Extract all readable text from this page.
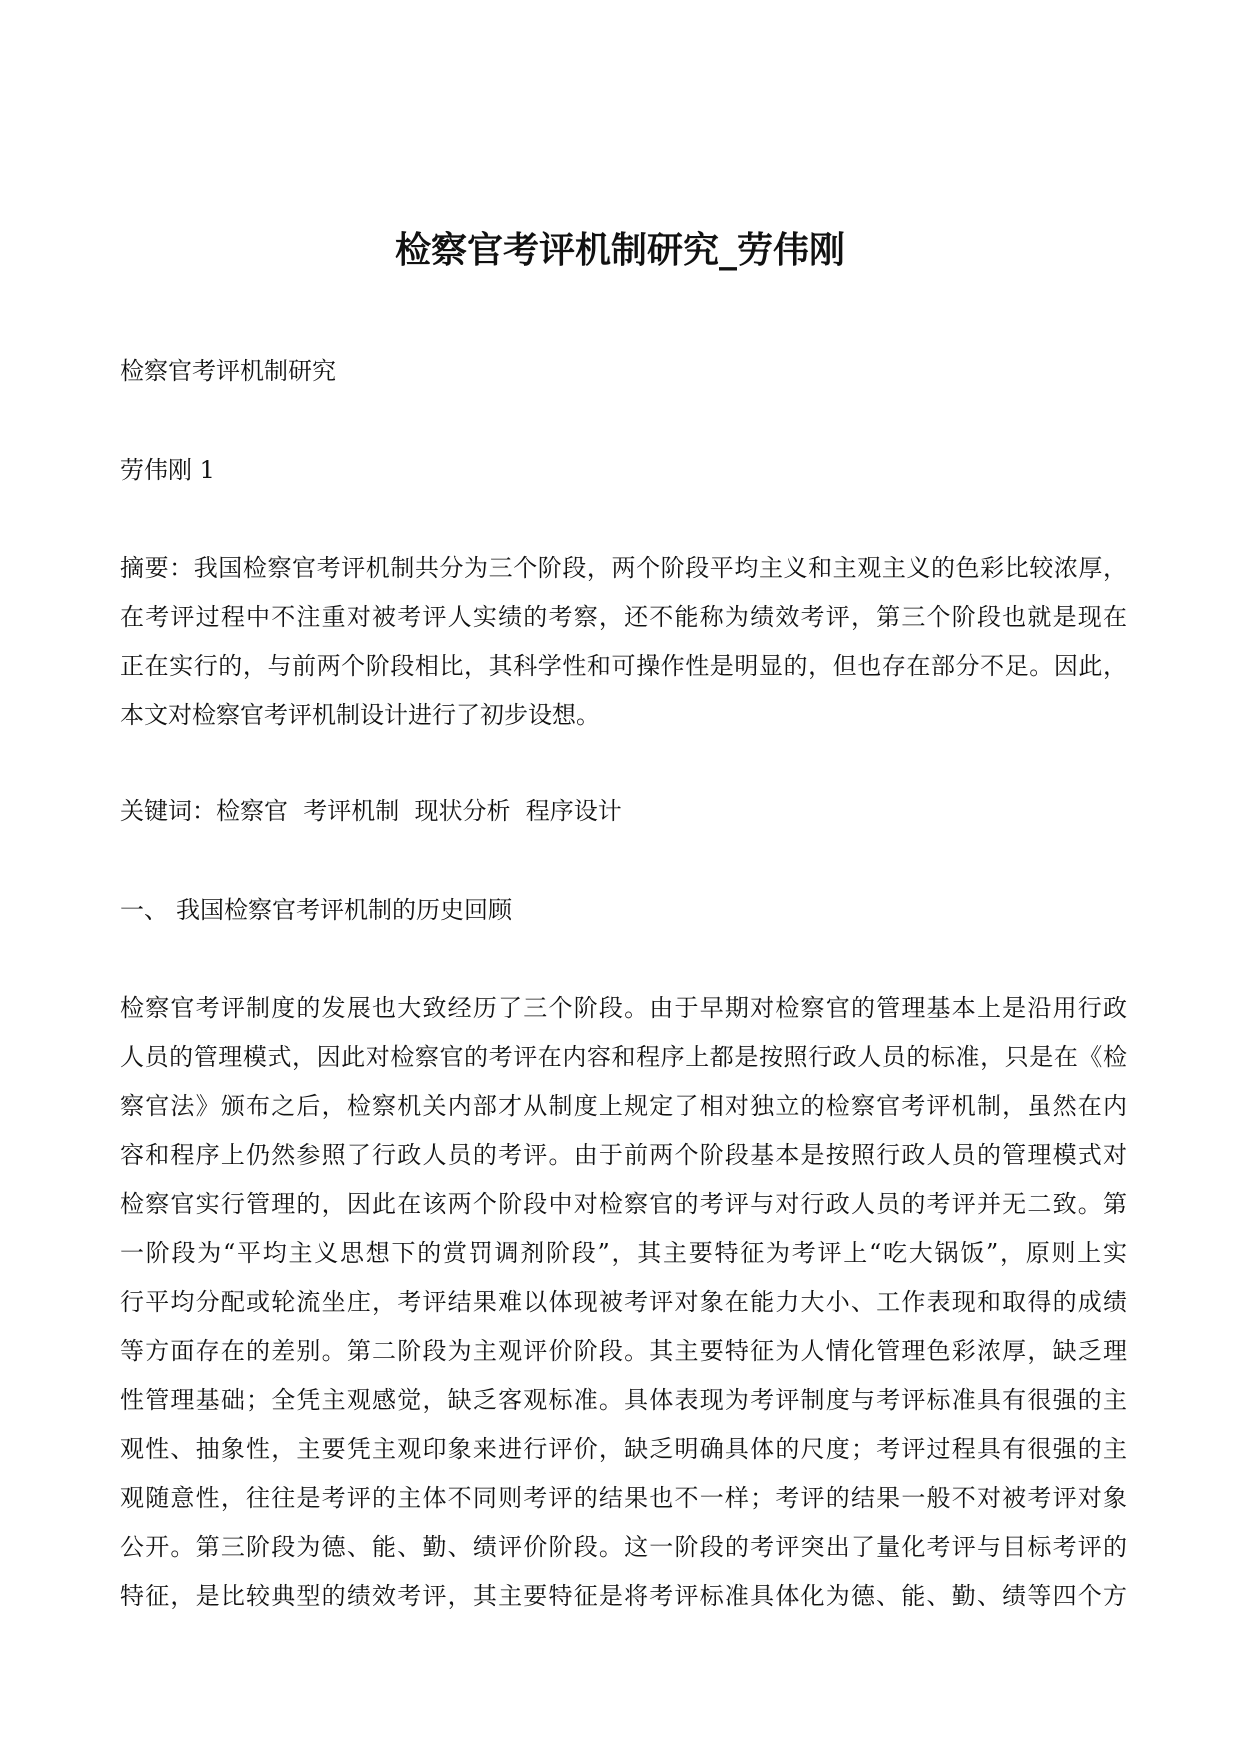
检察官考评机制研究_劳伟刚
检察官考评机制研究
劳伟刚 1
摘要：我国检察官考评机制共分为三个阶段，两个阶段平均主义和主观主义的色彩比较浓厚，
在考评过程中不注重对被考评人实绩的考察，还不能称为绩效考评，第三个阶段也就是现在
正在实行的，与前两个阶段相比，其科学性和可操作性是明显的，但也存在部分不足。因此，
本文对检察官考评机制设计进行了初步设想。
关键词：检察官  考评机制  现状分析  程序设计
一、 我国检察官考评机制的历史回顾
检察官考评制度的发展也大致经历了三个阶段。由于早期对检察官的管理基本上是沿用行政
人员的管理模式，因此对检察官的考评在内容和程序上都是按照行政人员的标准，只是在《检
察官法》颁布之后，检察机关内部才从制度上规定了相对独立的检察官考评机制，虽然在内
容和程序上仍然参照了行政人员的考评。由于前两个阶段基本是按照行政人员的管理模式对
检察官实行管理的，因此在该两个阶段中对检察官的考评与对行政人员的考评并无二致。第
一阶段为“平均主义思想下的赏罚调剂阶段”，其主要特征为考评上“吃大锅饭”，原则上实
行平均分配或轮流坐庄，考评结果难以体现被考评对象在能力大小、工作表现和取得的成绩
等方面存在的差别。第二阶段为主观评价阶段。其主要特征为人情化管理色彩浓厚，缺乏理
性管理基础；全凭主观感觉，缺乏客观标准。具体表现为考评制度与考评标准具有很强的主
观性、抽象性，主要凭主观印象来进行评价，缺乏明确具体的尺度；考评过程具有很强的主
观随意性，往往是考评的主体不同则考评的结果也不一样；考评的结果一般不对被考评对象
公开。第三阶段为德、能、勤、绩评价阶段。这一阶段的考评突出了量化考评与目标考评的
特征，是比较典型的绩效考评，其主要特征是将考评标准具体化为德、能、勤、绩等四个方
